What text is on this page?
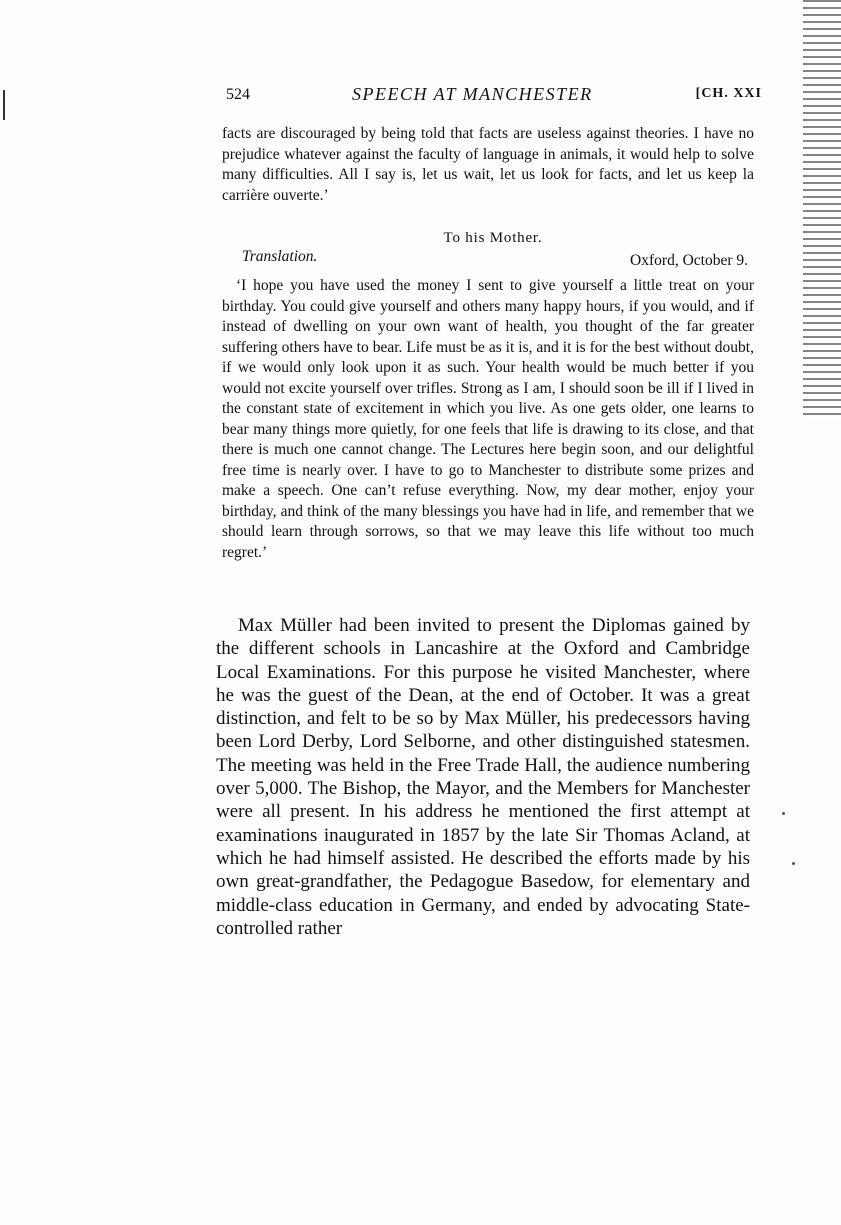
524	SPEECH AT MANCHESTER	[CH. XXI
facts are discouraged by being told that facts are useless against theories. I have no prejudice whatever against the faculty of language in animals, it would help to solve many difficulties. All I say is, let us wait, let us look for facts, and let us keep la carrière ouverte.’
To his Mother.
Translation.	Oxford, October 9.
‘I hope you have used the money I sent to give yourself a little treat on your birthday. You could give yourself and others many happy hours, if you would, and if instead of dwelling on your own want of health, you thought of the far greater suffering others have to bear. Life must be as it is, and it is for the best without doubt, if we would only look upon it as such. Your health would be much better if you would not excite yourself over trifles. Strong as I am, I should soon be ill if I lived in the constant state of excitement in which you live. As one gets older, one learns to bear many things more quietly, for one feels that life is drawing to its close, and that there is much one cannot change. The Lectures here begin soon, and our delightful free time is nearly over. I have to go to Manchester to distribute some prizes and make a speech. One can’t refuse everything. Now, my dear mother, enjoy your birthday, and think of the many blessings you have had in life, and remember that we should learn through sorrows, so that we may leave this life without too much regret.’
Max Müller had been invited to present the Diplomas gained by the different schools in Lancashire at the Oxford and Cambridge Local Examinations. For this purpose he visited Manchester, where he was the guest of the Dean, at the end of October. It was a great distinction, and felt to be so by Max Müller, his predecessors having been Lord Derby, Lord Selborne, and other distinguished statesmen. The meeting was held in the Free Trade Hall, the audience numbering over 5,000. The Bishop, the Mayor, and the Members for Manchester were all present. In his address he mentioned the first attempt at examinations inaugurated in 1857 by the late Sir Thomas Acland, at which he had himself assisted. He described the efforts made by his own great-grandfather, the Pedagogue Basedow, for elementary and middle-class education in Germany, and ended by advocating State-controlled rather
